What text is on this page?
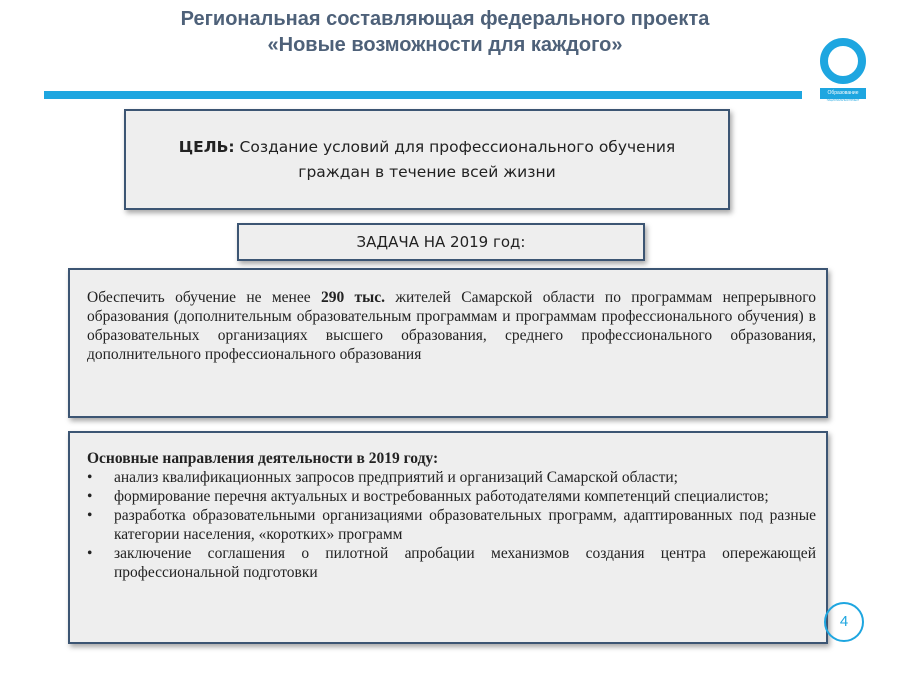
Региональная составляющая федерального проекта
«Новые возможности для каждого»
Образование
НАЦИОНАЛЬНЫЙ ПРОЕКТ
ЦЕЛЬ: Создание условий для профессионального обучения
граждан в течение всей жизни
ЗАДАЧА НА 2019 год:
Обеспечить обучение не менее 290 тыс. жителей Самарской области по программам непрерывного образования (дополнительным образовательным программам и программам профессионального обучения) в образовательных организациях высшего образования, среднего профессионального образования, дополнительного профессионального образования
Основные направления деятельности в 2019 году:
• анализ квалификационных запросов предприятий и организаций Самарской области;
• формирование перечня актуальных и востребованных работодателями компетенций специалистов;
• разработка образовательными организациями образовательных программ, адаптированных под разные категории населения, «коротких» программ
• заключение соглашения о пилотной апробации механизмов создания центра опережающей профессиональной подготовки
4
